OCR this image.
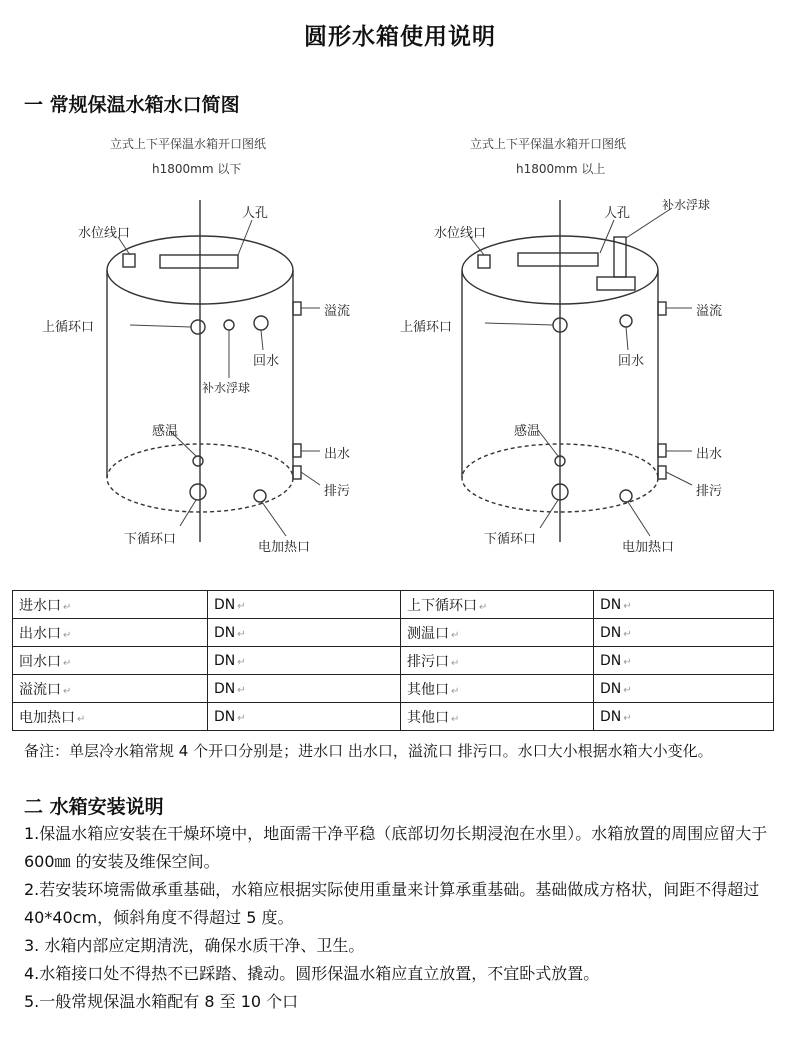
圆形水箱使用说明
一 常规保温水箱水口简图
立式上下平保温水箱开口图纸
h1800mm 以下
水位线口
人孔
溢流
上循环口
回水
补水浮球
感温
出水
排污
下循环口
电加热口
立式上下平保温水箱开口图纸
h1800mm 以上
水位线口
人孔
补水浮球
溢流
上循环口
回水
感温
出水
排污
下循环口
电加热口
进水口 ↵	DN ↵	上下循环口 ↵	DN ↵
出水口 ↵	DN ↵	测温口 ↵	DN ↵
回水口 ↵	DN ↵	排污口 ↵	DN ↵
溢流口 ↵	DN ↵	其他口 ↵	DN ↵
电加热口 ↵	DN ↵	其他口 ↵	DN ↵
备注：单层冷水箱常规 4 个开口分别是；进水口 出水口，溢流口 排污口。水口大小根据水箱大小变化。
二 水箱安装说明
1.保温水箱应安装在干燥环境中，地面需干净平稳（底部切勿长期浸泡在水里）。水箱放置的周围应留大于 600㎜ 的安装及维保空间。
2.若安装环境需做承重基础，水箱应根据实际使用重量来计算承重基础。基础做成方格状，间距不得超过 40*40cm，倾斜角度不得超过 5 度。
3. 水箱内部应定期清洗，确保水质干净、卫生。
4.水箱接口处不得热不已踩踏、撬动。圆形保温水箱应直立放置，不宜卧式放置。
5.一般常规保温水箱配有 8 至 10 个口
